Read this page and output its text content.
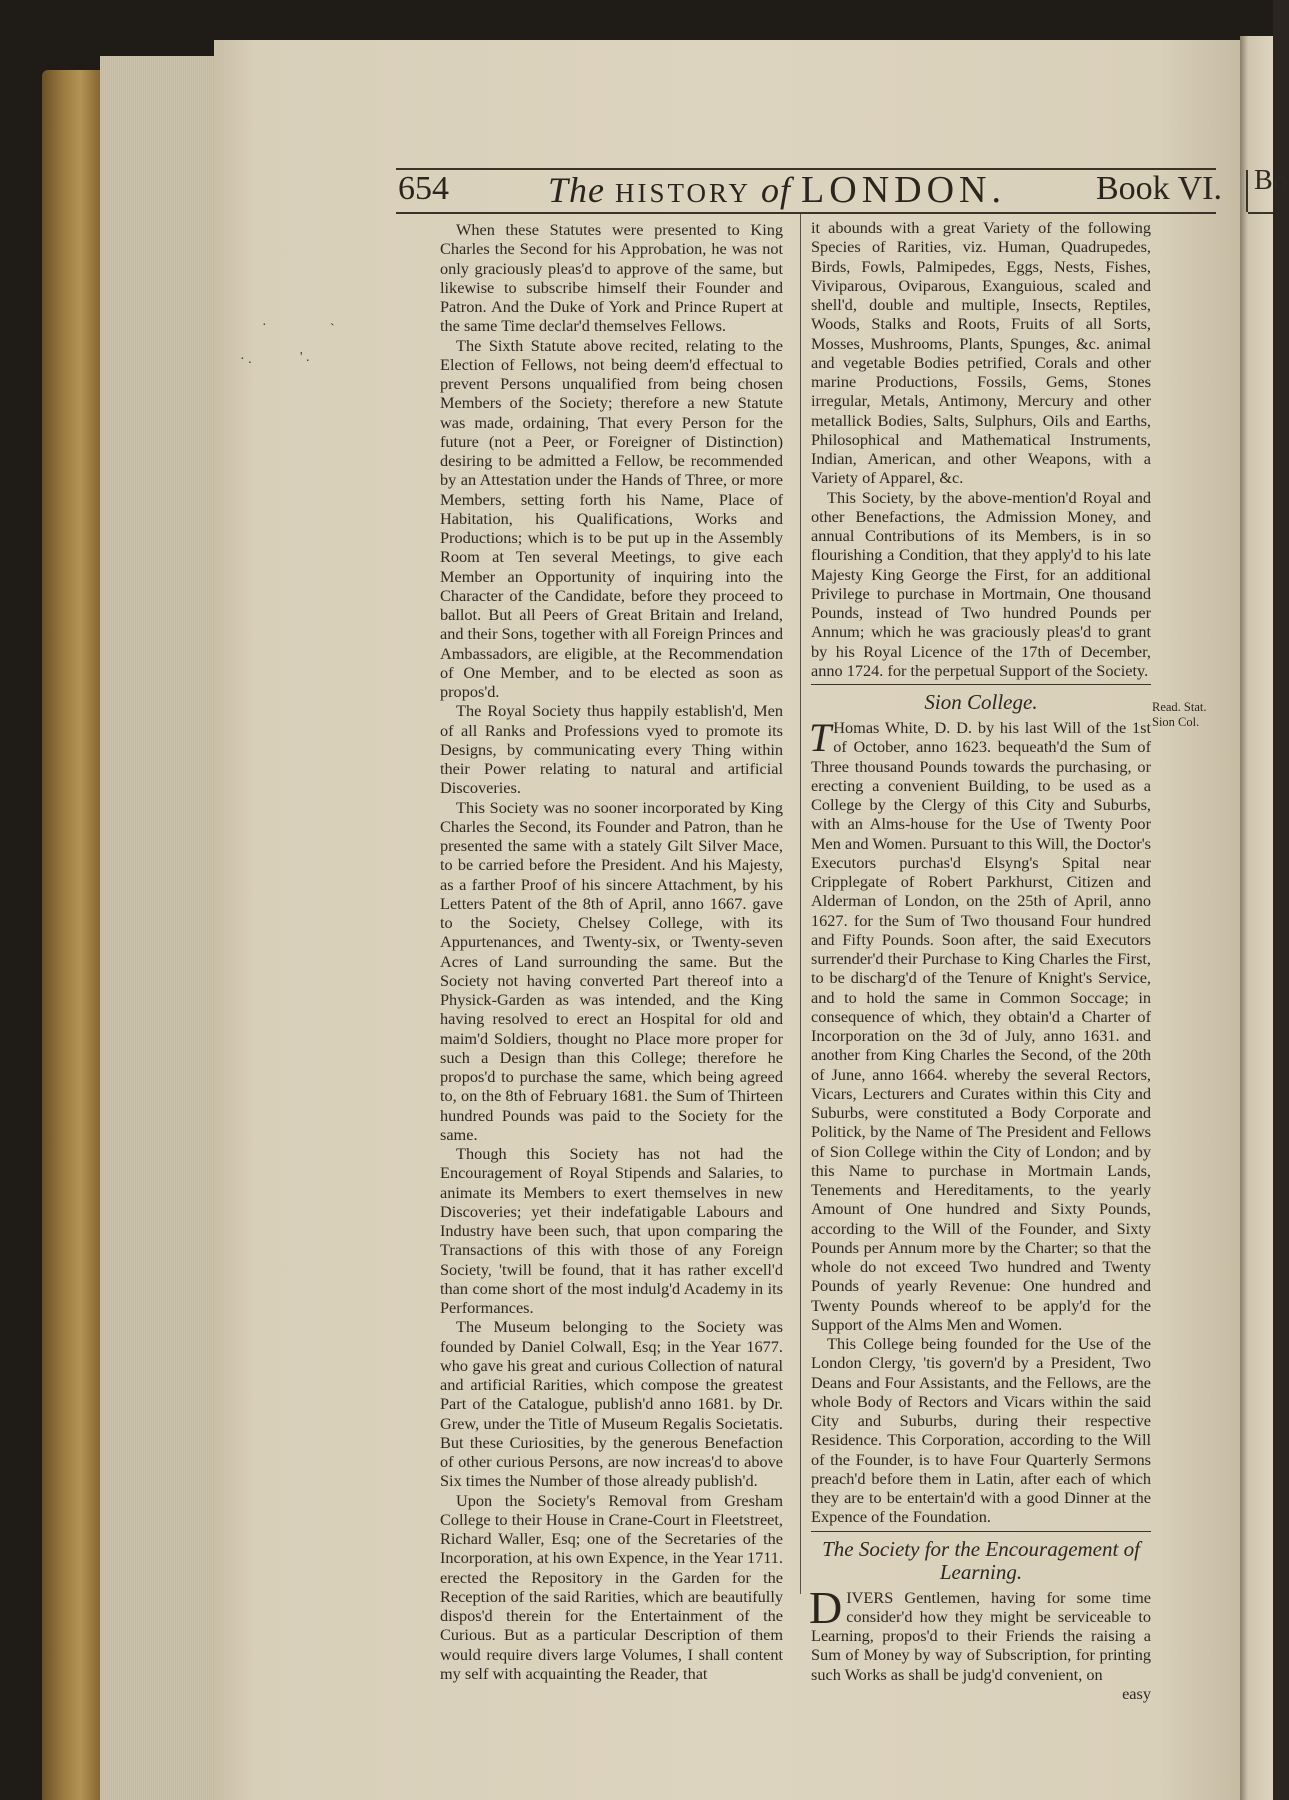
Bo
·	`
· .	' .
654	The HISTORY of LONDON.	Book VI.

When these Statutes were presented to King Charles the Second for his Approbation, he was not only graciously pleas'd to approve of the same, but likewise to subscribe himself their Founder and Patron. And the Duke of York and Prince Rupert at the same Time declar'd themselves Fellows.

The Sixth Statute above recited, relating to the Election of Fellows, not being deem'd effectual to prevent Persons unqualified from being chosen Members of the Society; therefore a new Statute was made, ordaining, That every Person for the future (not a Peer, or Foreigner of Distinction) desiring to be admitted a Fellow, be recommended by an Attestation under the Hands of Three, or more Members, setting forth his Name, Place of Habitation, his Qualifications, Works and Productions; which is to be put up in the Assembly Room at Ten several Meetings, to give each Member an Opportunity of inquiring into the Character of the Candidate, before they proceed to ballot. But all Peers of Great Britain and Ireland, and their Sons, together with all Foreign Princes and Ambassadors, are eligible, at the Recommendation of One Member, and to be elected as soon as propos'd.

The Royal Society thus happily establish'd, Men of all Ranks and Professions vyed to promote its Designs, by communicating every Thing within their Power relating to natural and artificial Discoveries.

This Society was no sooner incorporated by King Charles the Second, its Founder and Patron, than he presented the same with a stately Gilt Silver Mace, to be carried before the President. And his Majesty, as a farther Proof of his sincere Attachment, by his Letters Patent of the 8th of April, anno 1667. gave to the Society, Chelsey College, with its Appurtenances, and Twenty-six, or Twenty-seven Acres of Land surrounding the same. But the Society not having converted Part thereof into a Physick-Garden as was intended, and the King having resolved to erect an Hospital for old and maim'd Soldiers, thought no Place more proper for such a Design than this College; therefore he propos'd to purchase the same, which being agreed to, on the 8th of February 1681. the Sum of Thirteen hundred Pounds was paid to the Society for the same.

Though this Society has not had the Encouragement of Royal Stipends and Salaries, to animate its Members to exert themselves in new Discoveries; yet their indefatigable Labours and Industry have been such, that upon comparing the Transactions of this with those of any Foreign Society, 'twill be found, that it has rather excell'd than come short of the most indulg'd Academy in its Performances.

The Museum belonging to the Society was founded by Daniel Colwall, Esq; in the Year 1677. who gave his great and curious Collection of natural and artificial Rarities, which compose the greatest Part of the Catalogue, publish'd anno 1681. by Dr. Grew, under the Title of Museum Regalis Societatis. But these Curiosities, by the generous Benefaction of other curious Persons, are now increas'd to above Six times the Number of those already publish'd.

Upon the Society's Removal from Gresham College to their House in Crane-Court in Fleetstreet, Richard Waller, Esq; one of the Secretaries of the Incorporation, at his own Expence, in the Year 1711. erected the Repository in the Garden for the Reception of the said Rarities, which are beautifully dispos'd therein for the Entertainment of the Curious. But as a particular Description of them would require divers large Volumes, I shall content my self with acquainting the Reader, that

it abounds with a great Variety of the following Species of Rarities, viz. Human, Quadrupedes, Birds, Fowls, Palmipedes, Eggs, Nests, Fishes, Viviparous, Oviparous, Exanguious, scaled and shell'd, double and multiple, Insects, Reptiles, Woods, Stalks and Roots, Fruits of all Sorts, Mosses, Mushrooms, Plants, Spunges, &c. animal and vegetable Bodies petrified, Corals and other marine Productions, Fossils, Gems, Stones irregular, Metals, Antimony, Mercury and other metallick Bodies, Salts, Sulphurs, Oils and Earths, Philosophical and Mathematical Instruments, Indian, American, and other Weapons, with a Variety of Apparel, &c.

This Society, by the above-mention'd Royal and other Benefactions, the Admission Money, and annual Contributions of its Members, is in so flourishing a Condition, that they apply'd to his late Majesty King George the First, for an additional Privilege to purchase in Mortmain, One thousand Pounds, instead of Two hundred Pounds per Annum; which he was graciously pleas'd to grant by his Royal Licence of the 17th of December, anno 1724. for the perpetual Support of the Society.

Sion College.

T Homas White, D. D. by his last Will of the 1st of October, anno 1623. bequeath'd the Sum of Three thousand Pounds towards the purchasing, or erecting a convenient Building, to be used as a College by the Clergy of this City and Suburbs, with an Alms-house for the Use of Twenty Poor Men and Women. Pursuant to this Will, the Doctor's Executors purchas'd Elsyng's Spital near Cripplegate of Robert Parkhurst, Citizen and Alderman of London, on the 25th of April, anno 1627. for the Sum of Two thousand Four hundred and Fifty Pounds. Soon after, the said Executors surrender'd their Purchase to King Charles the First, to be discharg'd of the Tenure of Knight's Service, and to hold the same in Common Soccage; in consequence of which, they obtain'd a Charter of Incorporation on the 3d of July, anno 1631. and another from King Charles the Second, of the 20th of June, anno 1664. whereby the several Rectors, Vicars, Lecturers and Curates within this City and Suburbs, were constituted a Body Corporate and Politick, by the Name of The President and Fellows of Sion College within the City of London; and by this Name to purchase in Mortmain Lands, Tenements and Hereditaments, to the yearly Amount of One hundred and Sixty Pounds, according to the Will of the Founder, and Sixty Pounds per Annum more by the Charter; so that the whole do not exceed Two hundred and Twenty Pounds of yearly Revenue: One hundred and Twenty Pounds whereof to be apply'd for the Support of the Alms Men and Women.

This College being founded for the Use of the London Clergy, 'tis govern'd by a President, Two Deans and Four Assistants, and the Fellows, are the whole Body of Rectors and Vicars within the said City and Suburbs, during their respective Residence. This Corporation, according to the Will of the Founder, is to have Four Quarterly Sermons preach'd before them in Latin, after each of which they are to be entertain'd with a good Dinner at the Expence of the Foundation.

The Society for the Encouragement of Learning.

DIVERS Gentlemen, having for some time consider'd how they might be serviceable to Learning, propos'd to their Friends the raising a Sum of Money by way of Subscription, for printing such Works as shall be judg'd convenient, on

easy
Read. Stat.
Sion Col.
